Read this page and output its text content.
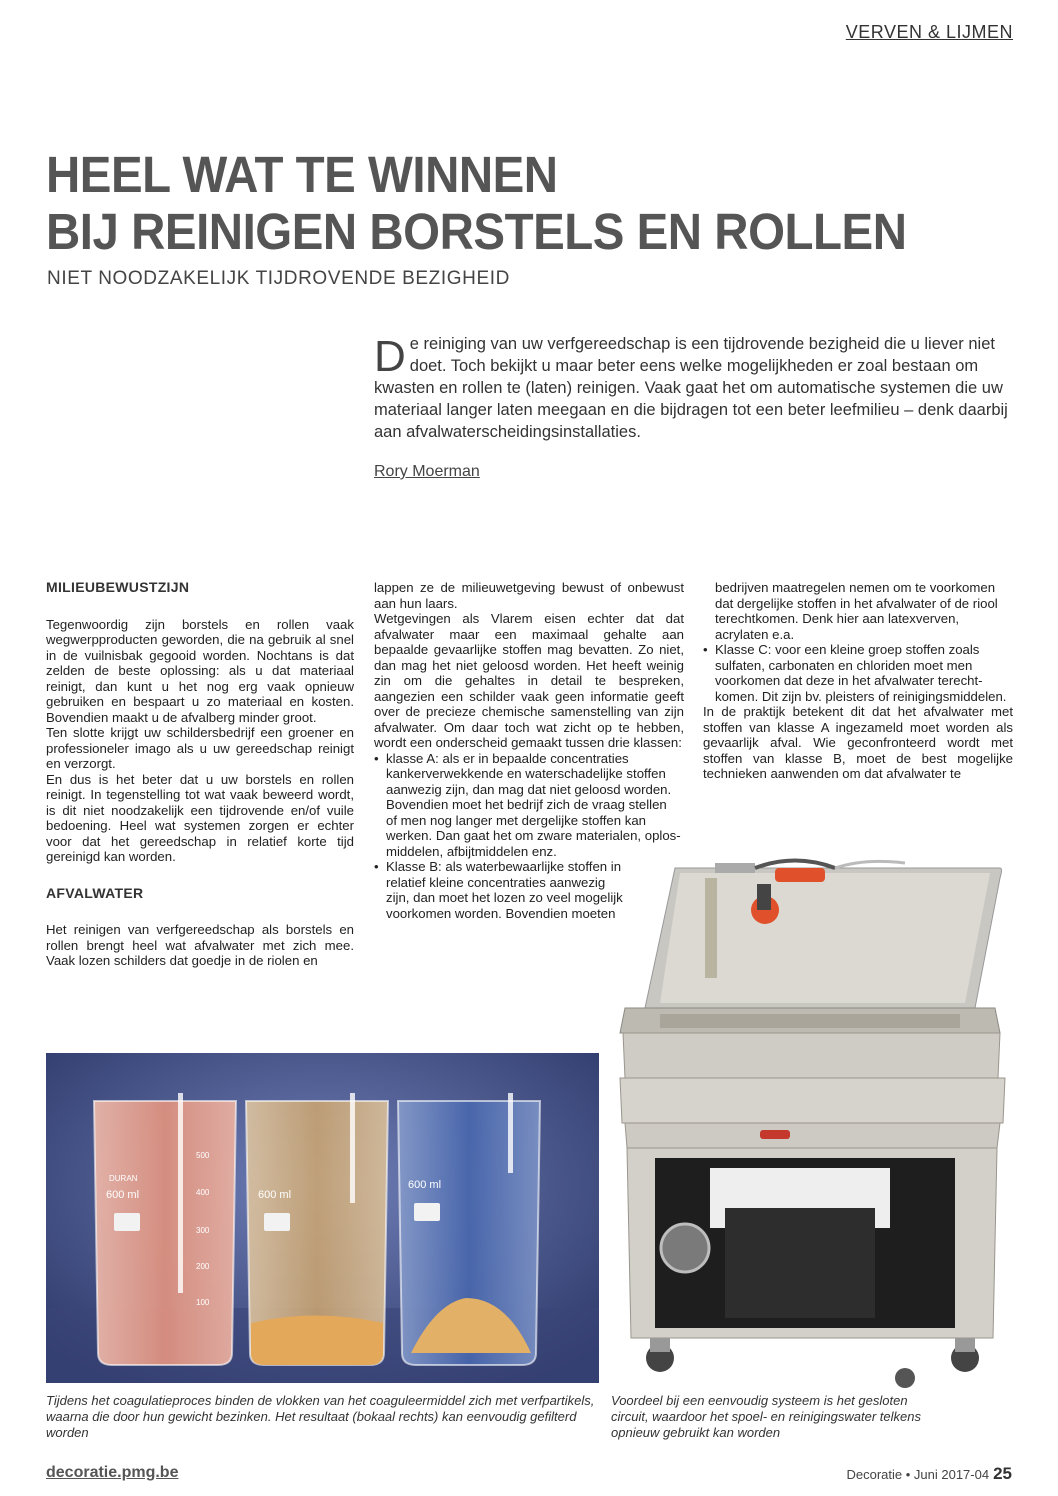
VERVEN & LIJMEN
HEEL WAT TE WINNEN
BIJ REINIGEN BORSTELS EN ROLLEN
NIET NOODZAKELIJK TIJDROVENDE BEZIGHEID
De reiniging van uw verfgereedschap is een tijdrovende bezigheid die u liever niet doet. Toch bekijkt u maar beter eens welke mogelijkheden er zoal bestaan om kwasten en rollen te (laten) reinigen. Vaak gaat het om automatische systemen die uw materiaal langer laten meegaan en die bijdragen tot een beter leefmilieu – denk daarbij aan afvalwaterscheidingsinstallaties.
Rory Moerman
MILIEUBEWUSTZIJN

Tegenwoordig zijn borstels en rollen vaak wegwerpproducten geworden, die na gebruik al snel in de vuilnisbak gegooid worden. Nochtans is dat zelden de beste oplossing: als u dat materiaal reinigt, dan kunt u het nog erg vaak opnieuw gebruiken en bespaart u zo materiaal en kosten. Bovendien maakt u de afvalberg minder groot.

Ten slotte krijgt uw schildersbedrijf een groener en professioneler imago als u uw gereedschap reinigt en verzorgt.

En dus is het beter dat u uw borstels en rollen reinigt. In tegenstelling tot wat vaak beweerd wordt, is dit niet noodzakelijk een tijdrovende en/of vuile bedoening. Heel wat systemen zorgen er echter voor dat het gereedschap in relatief korte tijd gereinigd kan worden.

AFVALWATER

Het reinigen van verfgereedschap als borstels en rollen brengt heel wat afvalwater met zich mee. Vaak lozen schilders dat goedje in de riolen en

lappen ze de milieuwetgeving bewust of onbewust aan hun laars.

Wetgevingen als Vlarem eisen echter dat dat afvalwater maar een maximaal gehalte aan bepaalde gevaarlijke stoffen mag bevatten. Zo niet, dan mag het niet geloosd worden. Het heeft weinig zin om die gehaltes in detail te bespreken, aangezien een schilder vaak geen informatie geeft over de precieze chemische samenstelling van zijn afvalwater. Om daar toch wat zicht op te hebben, wordt een onderscheid gemaakt tussen drie klassen:

• klasse A: als er in bepaalde concentraties kankerverwekkende en waterschadelijke stoffen aanwezig zijn, dan mag dat niet geloosd worden. Bovendien moet het bedrijf zich de vraag stellen of men nog langer met dergelijke stoffen kan werken. Dan gaat het om zware materialen, oplosmiddelen, afbijtmiddelen enz.
• Klasse B: als waterbewaarlijke stoffen in relatief kleine concentraties aanwezig zijn, dan moet het lozen zo veel mogelijk voorkomen worden. Bovendien moeten
bedrijven maatregelen nemen om te voorkomen dat dergelijke stoffen in het afvalwater of de riool terechtkomen. Denk hier aan latexverven, acrylaten e.a.
• Klasse C: voor een kleine groep stoffen zoals sulfaten, carbonaten en chloriden moet men voorkomen dat deze in het afvalwater terechtkomen. Dit zijn bv. pleisters of reinigingsmiddelen.

In de praktijk betekent dit dat het afvalwater met stoffen van klasse A ingezameld moet worden als gevaarlijk afval. Wie geconfronteerd wordt met stoffen van klasse B, moet de best mogelijke technieken aanwenden om dat afvalwater te

600 ml
DURAN
500
400
300
200
100
600 ml
600 ml
Tijdens het coagulatieproces binden de vlokken van het coaguleermiddel zich met verfpartikels, waarna die door hun gewicht bezinken. Het resultaat (bokaal rechts) kan eenvoudig gefilterd worden
Voordeel bij een eenvoudig systeem is het gesloten circuit, waardoor het spoel- en reinigingswater telkens opnieuw gebruikt kan worden
decoratie.pmg.be	Decoratie • Juni 2017-04 25
